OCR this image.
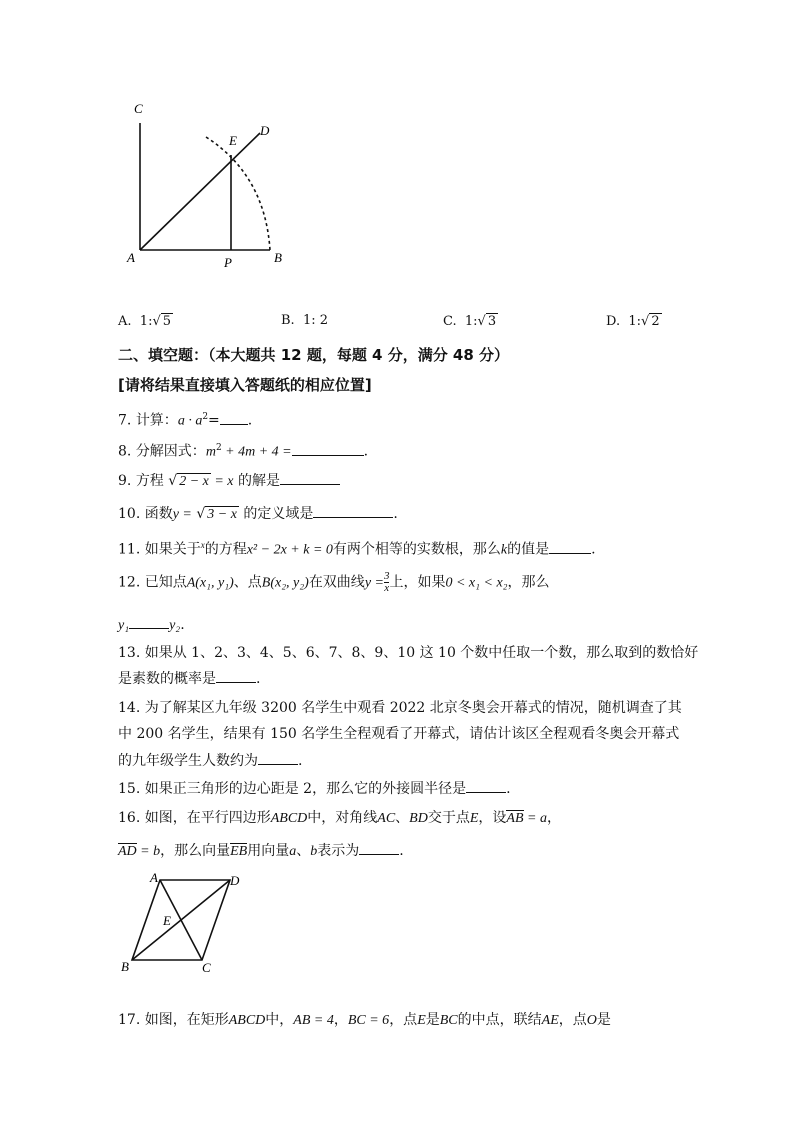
C
E
D
A	P	B
A. 1:√ 5	B. 1: 2	C. 1:√ 3	D. 1:√ 2
二、填空题：（本大题共 12 题，每题 4 分，满分 48 分）
[请将结果直接填入答题纸的相应位置]
7. 计算：$a \cdot a^2=$ .
8. 分解因式：$m^2 + 4m + 4$ =	.
9. 方程 √ 2 − x = x 的解是
10. 函数y = √ 3 − x 的定义域是	.
11. 如果关于$^x$的方程x² − 2x + k = 0有两个相等的实数根，那么k的值是	.
12. 已知点A(x₁, y₁)、点B(x₂, y₂)在双曲线$y = \frac{3}{x}$ 上，如果0 < x₁ < x₂，那么
y₁	y₂.
13. 如果从 1、2、3、4、5、6、7、8、9、10 这 10 个数中任取一个数，那么取到的数恰好
是素数的概率是	.
14. 为了解某区九年级 3200 名学生中观看 2022 北京冬奥会开幕式的情况，随机调查了其
中 200 名学生，结果有 150 名学生全程观看了开幕式，请估计该区全程观看冬奥会开幕式
的九年级学生人数约为	.
15. 如果正三角形的边心距是 2，那么它的外接圆半径是	.
16. 如图，在平行四边形ABCD中，对角线AC、BD交于点E，设AB = a，
AD = b，那么向量EB用向量a、b表示为	.
A	D
E
B	C
17. 如图，在矩形ABCD中，AB = 4，BC = 6，点E是BC的中点，联结AE，点O是
